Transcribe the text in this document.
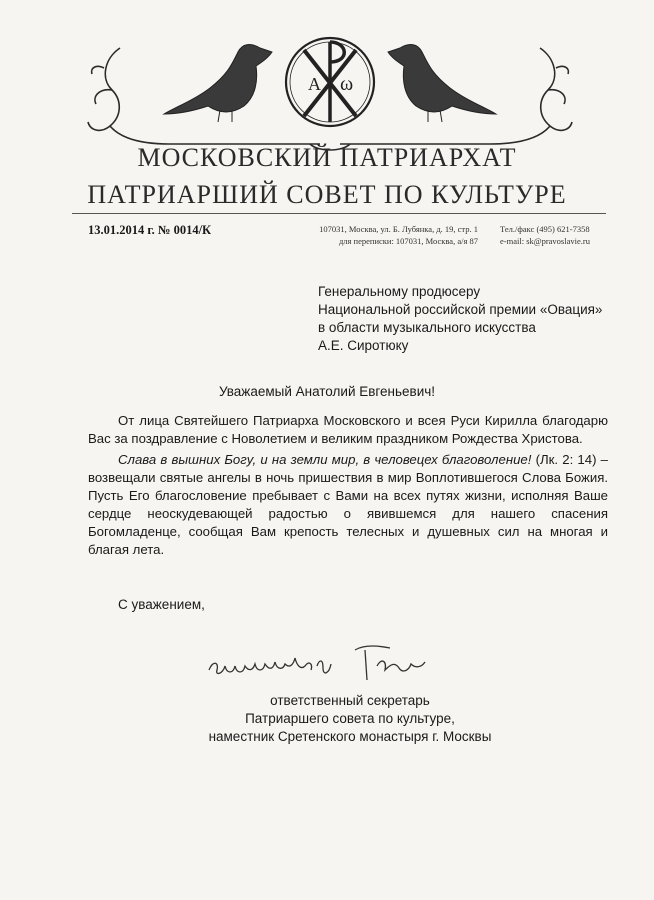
А ω
МОСКОВСКИЙ ПАТРИАРХАТ
ПАТРИАРШИЙ СОВЕТ ПО КУЛЬТУРЕ
13.01.2014 г. № 0014/К	107031, Москва, ул. Б. Лубянка, д. 19, стр. 1
для переписки: 107031, Москва, а/я 87
Тел./факс (495) 621-7358
e-mail: sk@pravoslavie.ru
Генеральному продюсеру
Национальной российской премии «Овация»
в области музыкального искусства
А.Е. Сиротюку
Уважаемый Анатолий Евгеньевич!

От лица Святейшего Патриарха Московского и всея Руси Кирилла благодарю Вас за поздравление с Новолетием и великим праздником Рождества Христова.

Слава в вышних Богу, и на земли мир, в человецех благоволение! (Лк. 2: 14) – возвещали святые ангелы в ночь пришествия в мир Воплотившегося Слова Божия. Пусть Его благословение пребывает с Вами на всех путях жизни, исполняя Ваше сердце неоскудевающей радостью о явившемся для нашего спасения Богомладенце, сообщая Вам крепость телесных и душевных сил на многая и благая лета.

С уважением,
ответственный секретарь
Патриаршего совета по культуре,
наместник Сретенского монастыря г. Москвы
